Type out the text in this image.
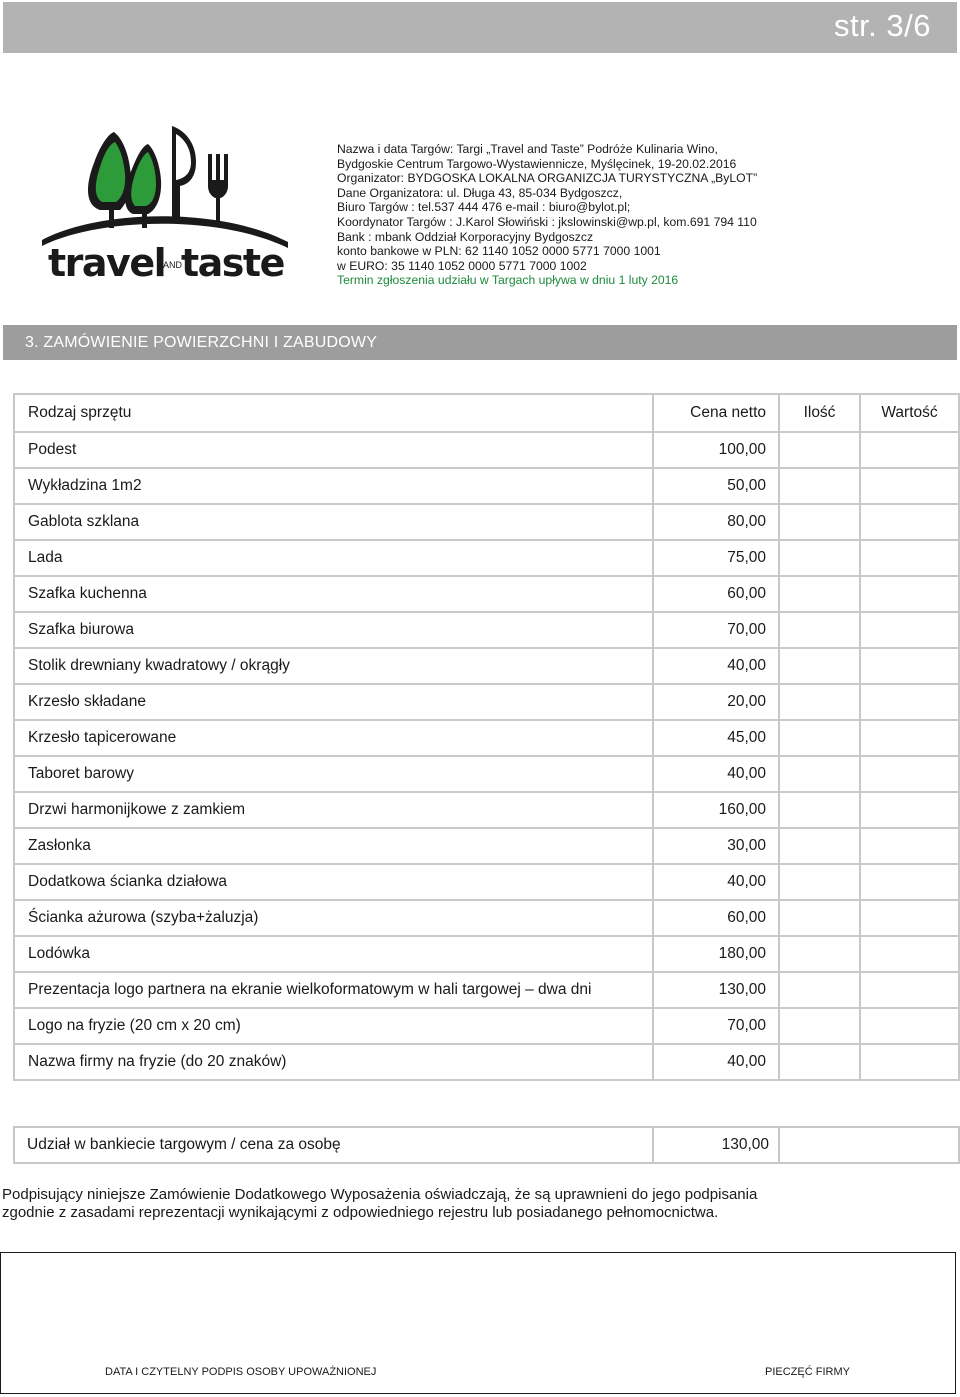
str. 3/6
travel
AND
taste
Nazwa i data Targów: Targi „Travel and Taste” Podróże Kulinaria Wino,
Bydgoskie Centrum Targowo-Wystawiennicze, Myślęcinek, 19-20.02.2016
Organizator: BYDGOSKA LOKALNA ORGANIZCJA TURYSTYCZNA „ByLOT”
Dane Organizatora: ul. Długa 43, 85-034 Bydgoszcz,
Biuro Targów : tel.537 444 476 e-mail : biuro@bylot.pl;
Koordynator Targów : J.Karol Słowiński : jkslowinski@wp.pl, kom.691 794 110
Bank : mbank Oddział Korporacyjny Bydgoszcz
konto bankowe w PLN: 62 1140 1052 0000 5771 7000 1001
w EURO: 35 1140 1052 0000 5771 7000 1002
Termin zgłoszenia udziału w Targach upływa w dniu 1 luty 2016
3. ZAMÓWIENIE POWIERZCHNI I ZABUDOWY
Rodzaj sprzętu	Cena netto	Ilość	Wartość
Podest	100,00		
Wykładzina 1m2	50,00		
Gablota szklana	80,00		
Lada	75,00		
Szafka kuchenna	60,00		
Szafka biurowa	70,00		
Stolik drewniany kwadratowy / okrągły	40,00		
Krzesło składane	20,00		
Krzesło tapicerowane	45,00		
Taboret barowy	40,00		
Drzwi harmonijkowe z zamkiem	160,00		
Zasłonka	30,00		
Dodatkowa ścianka działowa	40,00		
Ścianka ażurowa (szyba+żaluzja)	60,00		
Lodówka	180,00		
Prezentacja logo partnera na ekranie wielkoformatowym w hali targowej – dwa dni	130,00		
Logo na fryzie (20 cm x 20 cm)	70,00		
Nazwa firmy na fryzie (do 20 znaków)	40,00		
Udział w bankiecie targowym / cena za osobę	130,00	
Podpisujący niniejsze Zamówienie Dodatkowego Wyposażenia oświadczają, że są uprawnieni do jego podpisania
zgodnie z zasadami reprezentacji wynikającymi z odpowiedniego rejestru lub posiadanego pełnomocnictwa.
DATA I CZYTELNY PODPIS OSOBY UPOWAŻNIONEJ	PIECZĘĆ FIRMY
